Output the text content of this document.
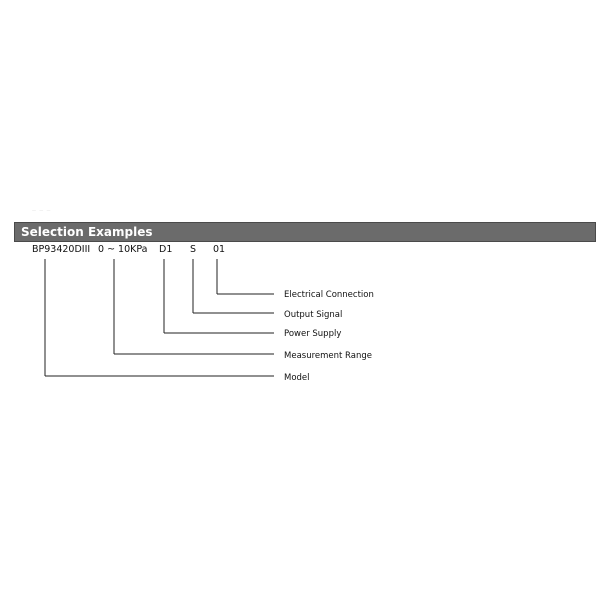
— — —
Selection Examples
BP93420DIII 0 ~ 10KPa D1 S 01
Electrical Connection
Output Signal
Power Supply
Measurement Range
Model
